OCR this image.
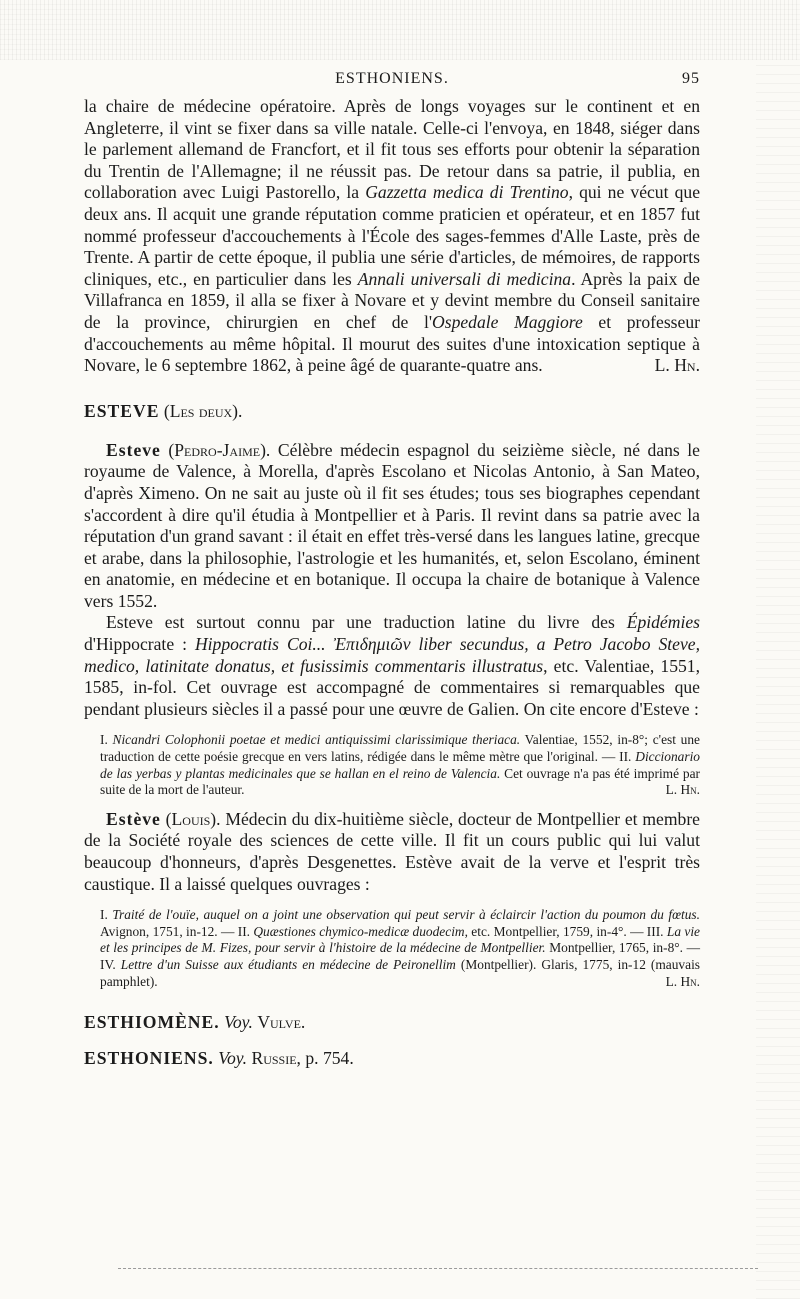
ESTHONIENS.	95

la chaire de médecine opératoire. Après de longs voyages sur le continent et en Angleterre, il vint se fixer dans sa ville natale. Celle-ci l'envoya, en 1848, siéger dans le parlement allemand de Francfort, et il fit tous ses efforts pour obtenir la séparation du Trentin de l'Allemagne; il ne réussit pas. De retour dans sa patrie, il publia, en collaboration avec Luigi Pastorello, la Gazzetta medica di Trentino, qui ne vécut que deux ans. Il acquit une grande réputation comme praticien et opérateur, et en 1857 fut nommé professeur d'accouchements à l'École des sages-femmes d'Alle Laste, près de Trente. A partir de cette époque, il publia une série d'articles, de mémoires, de rapports cliniques, etc., en particulier dans les Annali universali di medicina. Après la paix de Villafranca en 1859, il alla se fixer à Novare et y devint membre du Conseil sanitaire de la province, chirurgien en chef de l'Ospedale Maggiore et professeur d'accouchements au même hôpital. Il mourut des suites d'une intoxication septique à Novare, le 6 septembre 1862, à peine âgé de quarante-quatre ans.	L. Hn.

ESTEVE (Les deux).

Esteve (Pedro-Jaime). Célèbre médecin espagnol du seizième siècle, né dans le royaume de Valence, à Morella, d'après Escolano et Nicolas Antonio, à San Mateo, d'après Ximeno. On ne sait au juste où il fit ses études; tous ses biographes cependant s'accordent à dire qu'il étudia à Montpellier et à Paris. Il revint dans sa patrie avec la réputation d'un grand savant : il était en effet très-versé dans les langues latine, grecque et arabe, dans la philosophie, l'astrologie et les humanités, et, selon Escolano, éminent en anatomie, en médecine et en botanique. Il occupa la chaire de botanique à Valence vers 1552.

Esteve est surtout connu par une traduction latine du livre des Épidémies d'Hippocrate : Hippocratis Coi... Ἐπιδημιῶν liber secundus, a Petro Jacobo Steve, medico, latinitate donatus, et fusissimis commentaris illustratus, etc. Valentiae, 1551, 1585, in-fol. Cet ouvrage est accompagné de commentaires si remarquables que pendant plusieurs siècles il a passé pour une œuvre de Galien. On cite encore d'Esteve :

I. Nicandri Colophonii poetae et medici antiquissimi clarissimique theriaca. Valentiae, 1552, in-8°; c'est une traduction de cette poésie grecque en vers latins, rédigée dans le même mètre que l'original. — II. Diccionario de las yerbas y plantas medicinales que se hallan en el reino de Valencia. Cet ouvrage n'a pas été imprimé par suite de la mort de l'auteur.	L. Hn.

Estève (Louis). Médecin du dix-huitième siècle, docteur de Montpellier et membre de la Société royale des sciences de cette ville. Il fit un cours public qui lui valut beaucoup d'honneurs, d'après Desgenettes. Estève avait de la verve et l'esprit très caustique. Il a laissé quelques ouvrages :

I. Traité de l'ouïe, auquel on a joint une observation qui peut servir à éclaircir l'action du poumon du fœtus. Avignon, 1751, in-12. — II. Quæstiones chymico-medicæ duodecim, etc. Montpellier, 1759, in-4°. — III. La vie et les principes de M. Fizes, pour servir à l'histoire de la médecine de Montpellier. Montpellier, 1765, in-8°. — IV. Lettre d'un Suisse aux étudiants en médecine de Peironellim (Montpellier). Glaris, 1775, in-12 (mauvais pamphlet).	L. Hn.

ESTHIOMÈNE. Voy. Vulve.

ESTHONIENS. Voy. Russie, p. 754.
